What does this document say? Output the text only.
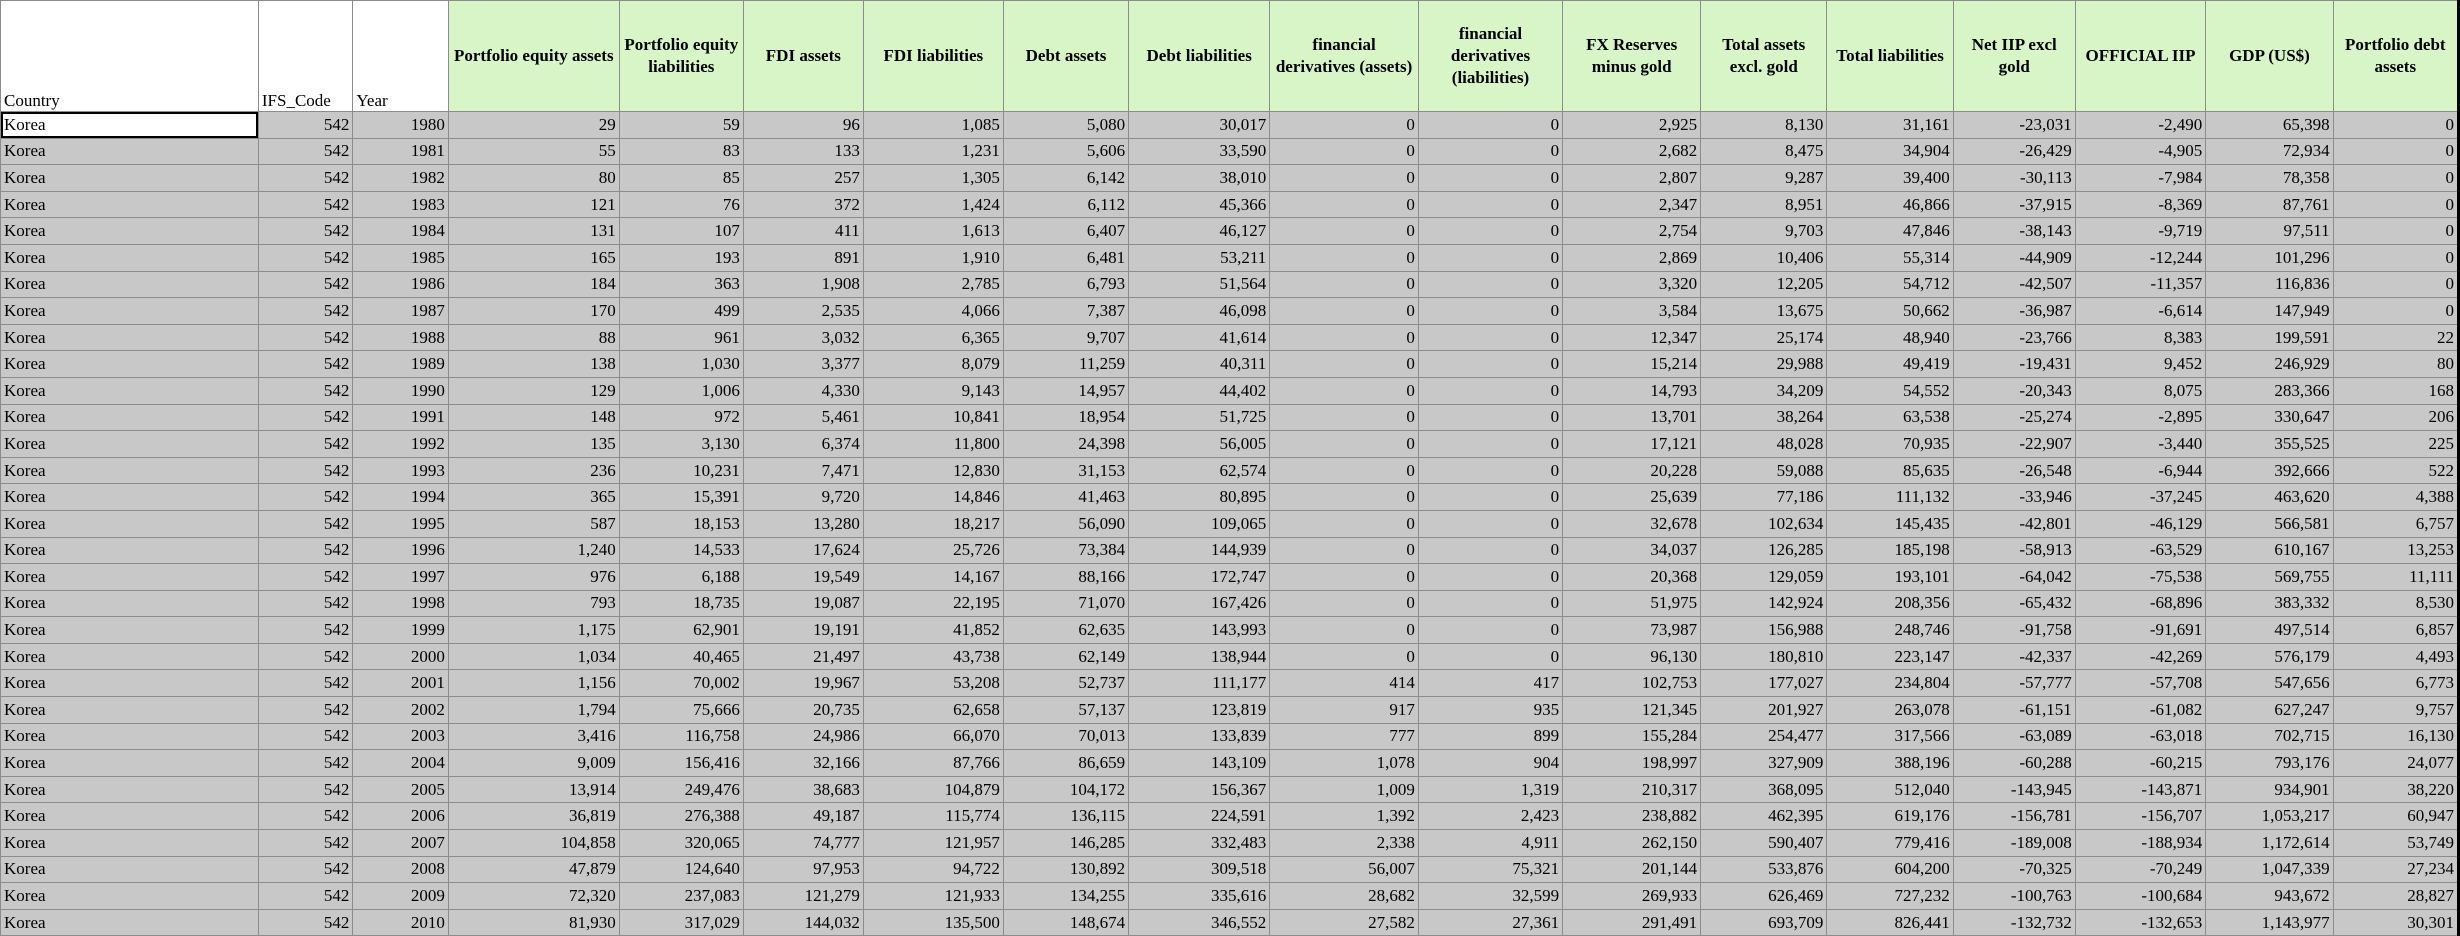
Country	IFS_Code	Year	Portfolio equity assets	Portfolio equity liabilities	FDI assets	FDI liabilities	Debt assets	Debt liabilities	financial derivatives (assets)	financial derivatives (liabilities)	FX Reserves minus gold	Total assets excl. gold	Total liabilities	Net IIP excl gold	OFFICIAL IIP	GDP (US$)	Portfolio debt assets
Korea	542	1980	29	59	96	1,085	5,080	30,017	0	0	2,925	8,130	31,161	-23,031	-2,490	65,398	0
Korea	542	1981	55	83	133	1,231	5,606	33,590	0	0	2,682	8,475	34,904	-26,429	-4,905	72,934	0
Korea	542	1982	80	85	257	1,305	6,142	38,010	0	0	2,807	9,287	39,400	-30,113	-7,984	78,358	0
Korea	542	1983	121	76	372	1,424	6,112	45,366	0	0	2,347	8,951	46,866	-37,915	-8,369	87,761	0
Korea	542	1984	131	107	411	1,613	6,407	46,127	0	0	2,754	9,703	47,846	-38,143	-9,719	97,511	0
Korea	542	1985	165	193	891	1,910	6,481	53,211	0	0	2,869	10,406	55,314	-44,909	-12,244	101,296	0
Korea	542	1986	184	363	1,908	2,785	6,793	51,564	0	0	3,320	12,205	54,712	-42,507	-11,357	116,836	0
Korea	542	1987	170	499	2,535	4,066	7,387	46,098	0	0	3,584	13,675	50,662	-36,987	-6,614	147,949	0
Korea	542	1988	88	961	3,032	6,365	9,707	41,614	0	0	12,347	25,174	48,940	-23,766	8,383	199,591	22
Korea	542	1989	138	1,030	3,377	8,079	11,259	40,311	0	0	15,214	29,988	49,419	-19,431	9,452	246,929	80
Korea	542	1990	129	1,006	4,330	9,143	14,957	44,402	0	0	14,793	34,209	54,552	-20,343	8,075	283,366	168
Korea	542	1991	148	972	5,461	10,841	18,954	51,725	0	0	13,701	38,264	63,538	-25,274	-2,895	330,647	206
Korea	542	1992	135	3,130	6,374	11,800	24,398	56,005	0	0	17,121	48,028	70,935	-22,907	-3,440	355,525	225
Korea	542	1993	236	10,231	7,471	12,830	31,153	62,574	0	0	20,228	59,088	85,635	-26,548	-6,944	392,666	522
Korea	542	1994	365	15,391	9,720	14,846	41,463	80,895	0	0	25,639	77,186	111,132	-33,946	-37,245	463,620	4,388
Korea	542	1995	587	18,153	13,280	18,217	56,090	109,065	0	0	32,678	102,634	145,435	-42,801	-46,129	566,581	6,757
Korea	542	1996	1,240	14,533	17,624	25,726	73,384	144,939	0	0	34,037	126,285	185,198	-58,913	-63,529	610,167	13,253
Korea	542	1997	976	6,188	19,549	14,167	88,166	172,747	0	0	20,368	129,059	193,101	-64,042	-75,538	569,755	11,111
Korea	542	1998	793	18,735	19,087	22,195	71,070	167,426	0	0	51,975	142,924	208,356	-65,432	-68,896	383,332	8,530
Korea	542	1999	1,175	62,901	19,191	41,852	62,635	143,993	0	0	73,987	156,988	248,746	-91,758	-91,691	497,514	6,857
Korea	542	2000	1,034	40,465	21,497	43,738	62,149	138,944	0	0	96,130	180,810	223,147	-42,337	-42,269	576,179	4,493
Korea	542	2001	1,156	70,002	19,967	53,208	52,737	111,177	414	417	102,753	177,027	234,804	-57,777	-57,708	547,656	6,773
Korea	542	2002	1,794	75,666	20,735	62,658	57,137	123,819	917	935	121,345	201,927	263,078	-61,151	-61,082	627,247	9,757
Korea	542	2003	3,416	116,758	24,986	66,070	70,013	133,839	777	899	155,284	254,477	317,566	-63,089	-63,018	702,715	16,130
Korea	542	2004	9,009	156,416	32,166	87,766	86,659	143,109	1,078	904	198,997	327,909	388,196	-60,288	-60,215	793,176	24,077
Korea	542	2005	13,914	249,476	38,683	104,879	104,172	156,367	1,009	1,319	210,317	368,095	512,040	-143,945	-143,871	934,901	38,220
Korea	542	2006	36,819	276,388	49,187	115,774	136,115	224,591	1,392	2,423	238,882	462,395	619,176	-156,781	-156,707	1,053,217	60,947
Korea	542	2007	104,858	320,065	74,777	121,957	146,285	332,483	2,338	4,911	262,150	590,407	779,416	-189,008	-188,934	1,172,614	53,749
Korea	542	2008	47,879	124,640	97,953	94,722	130,892	309,518	56,007	75,321	201,144	533,876	604,200	-70,325	-70,249	1,047,339	27,234
Korea	542	2009	72,320	237,083	121,279	121,933	134,255	335,616	28,682	32,599	269,933	626,469	727,232	-100,763	-100,684	943,672	28,827
Korea	542	2010	81,930	317,029	144,032	135,500	148,674	346,552	27,582	27,361	291,491	693,709	826,441	-132,732	-132,653	1,143,977	30,301
